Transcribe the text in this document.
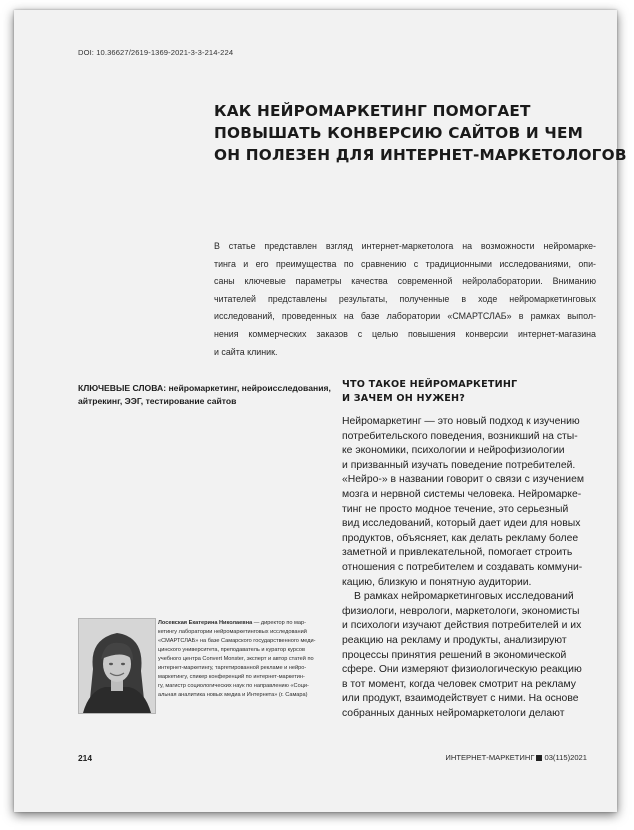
DOI: 10.36627/2619-1369-2021-3-3-214-224
КАК НЕЙРОМАРКЕТИНГ ПОМОГАЕТ
ПОВЫШАТЬ КОНВЕРСИЮ САЙТОВ И ЧЕМ
ОН ПОЛЕЗЕН ДЛЯ ИНТЕРНЕТ-МАРКЕТОЛОГОВ
В статье представлен взгляд интернет-маркетолога на возможности нейромарке-
тинга и его преимущества по сравнению с традиционными исследованиями, опи-
саны ключевые параметры качества современной нейролаборатории. Вниманию
читателей представлены результаты, полученные в ходе нейромаркетинговых
исследований, проведенных на базе лаборатории «СМАРТСЛАБ» в рамках выпол-
нения коммерческих заказов с целью повышения конверсии интернет-магазина
и сайта клиник.
КЛЮЧЕВЫЕ СЛОВА: нейромаркетинг, нейроисследования,
айтрекинг, ЭЭГ, тестирование сайтов
ЧТО ТАКОЕ НЕЙРОМАРКЕТИНГ
И ЗАЧЕМ ОН НУЖЕН?
Нейромаркетинг — это новый подход к изучению
потребительского поведения, возникший на сты-
ке экономики, психологии и нейрофизиологии
и призванный изучать поведение потребителей.
«Нейро-» в названии говорит о связи с изучением
мозга и нервной системы человека. Нейромарке-
тинг не просто модное течение, это серьезный
вид исследований, который дает идеи для новых
продуктов, объясняет, как делать рекламу более
заметной и привлекательной, помогает строить
отношения с потребителем и создавать коммуни-
кацию, близкую и понятную аудитории.
В рамках нейромаркетинговых исследований
физиологи, неврологи, маркетологи, экономисты
и психологи изучают действия потребителей и их
реакцию на рекламу и продукты, анализируют
процессы принятия решений в экономической
сфере. Они измеряют физиологическую реакцию
в тот момент, когда человек смотрит на рекламу
или продукт, взаимодействует с ними. На основе
собранных данных нейромаркетологи делают
Лосевская Екатерина Николаевна — директор по мар-
кетингу лаборатории нейромаркетинговых исследований
«СМАРТСЛАБ» на базе Самарского государственного меди-
цинского университета, преподаватель и куратор курсов
учебного центра Convert Monster, эксперт и автор статей по
интернет-маркетингу, таргетированной рекламе и нейро-
маркетингу, спикер конференций по интернет-маркетин-
гу, магистр социологических наук по направлению «Соци-
альная аналитика новых медиа и Интернета» (г. Самара)
214	ИНТЕРНЕТ-МАРКЕТИНГ 03(115)2021
